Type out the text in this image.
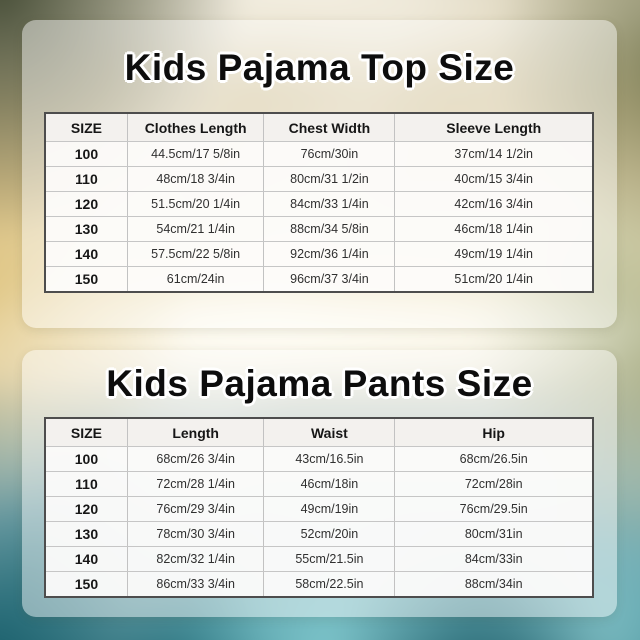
Kids Pajama Top Size
SIZE	Clothes Length	Chest Width	Sleeve Length
100	44.5cm/17 5/8in	76cm/30in	37cm/14 1/2in
110	48cm/18 3/4in	80cm/31 1/2in	40cm/15 3/4in
120	51.5cm/20 1/4in	84cm/33 1/4in	42cm/16 3/4in
130	54cm/21 1/4in	88cm/34 5/8in	46cm/18 1/4in
140	57.5cm/22 5/8in	92cm/36 1/4in	49cm/19 1/4in
150	61cm/24in	96cm/37 3/4in	51cm/20 1/4in
Kids Pajama Pants Size
SIZE	Length	Waist	Hip
100	68cm/26 3/4in	43cm/16.5in	68cm/26.5in
110	72cm/28 1/4in	46cm/18in	72cm/28in
120	76cm/29 3/4in	49cm/19in	76cm/29.5in
130	78cm/30 3/4in	52cm/20in	80cm/31in
140	82cm/32 1/4in	55cm/21.5in	84cm/33in
150	86cm/33 3/4in	58cm/22.5in	88cm/34in
